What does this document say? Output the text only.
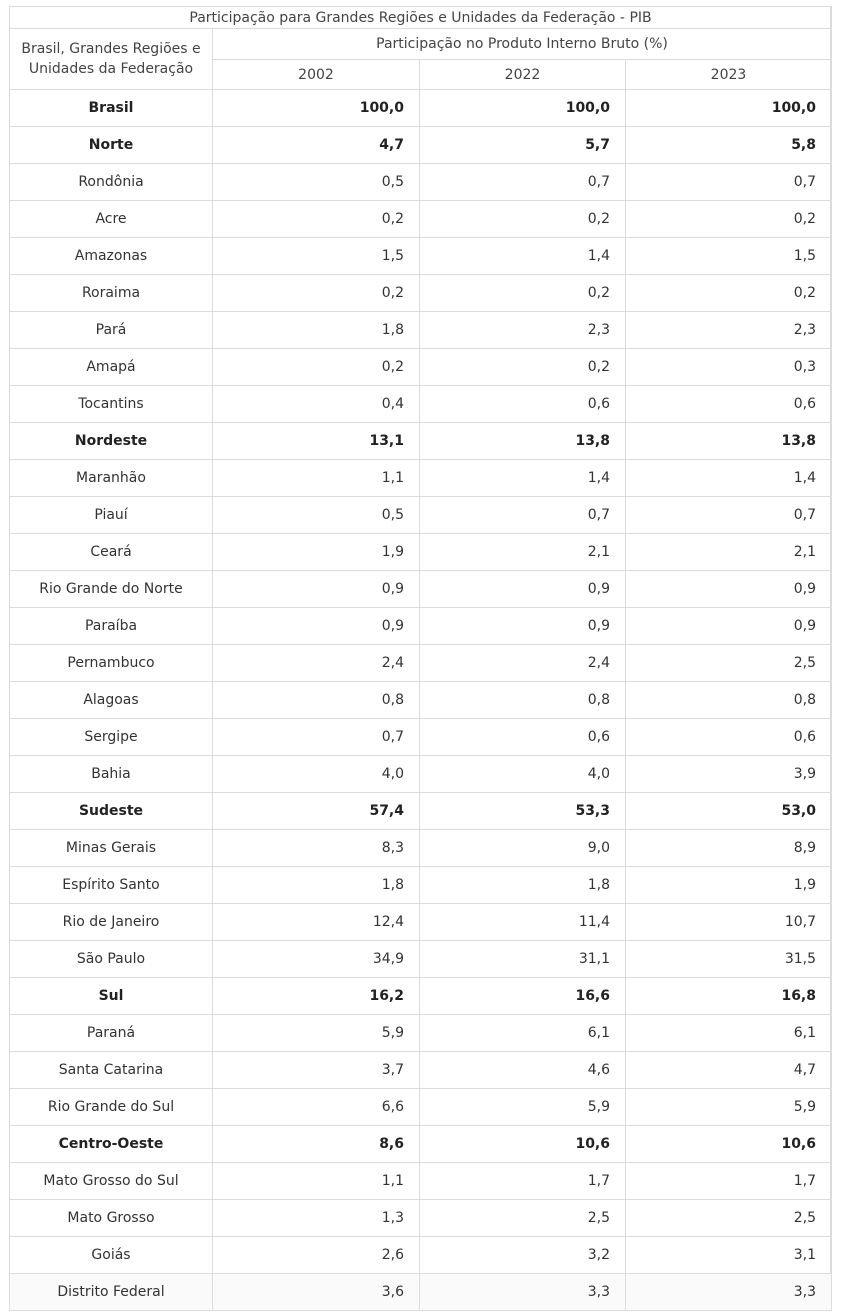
Participação para Grandes Regiões e Unidades da Federação - PIB			
Brasil, Grandes Regiões e Unidades da Federação	Participação no Produto Interno Bruto (%)		
	2002	2022	2023
Brasil	100,0	100,0	100,0
Norte	4,7	5,7	5,8
Rondônia	0,5	0,7	0,7
Acre	0,2	0,2	0,2
Amazonas	1,5	1,4	1,5
Roraima	0,2	0,2	0,2
Pará	1,8	2,3	2,3
Amapá	0,2	0,2	0,3
Tocantins	0,4	0,6	0,6
Nordeste	13,1	13,8	13,8
Maranhão	1,1	1,4	1,4
Piauí	0,5	0,7	0,7
Ceará	1,9	2,1	2,1
Rio Grande do Norte	0,9	0,9	0,9
Paraíba	0,9	0,9	0,9
Pernambuco	2,4	2,4	2,5
Alagoas	0,8	0,8	0,8
Sergipe	0,7	0,6	0,6
Bahia	4,0	4,0	3,9
Sudeste	57,4	53,3	53,0
Minas Gerais	8,3	9,0	8,9
Espírito Santo	1,8	1,8	1,9
Rio de Janeiro	12,4	11,4	10,7
São Paulo	34,9	31,1	31,5
Sul	16,2	16,6	16,8
Paraná	5,9	6,1	6,1
Santa Catarina	3,7	4,6	4,7
Rio Grande do Sul	6,6	5,9	5,9
Centro-Oeste	8,6	10,6	10,6
Mato Grosso do Sul	1,1	1,7	1,7
Mato Grosso	1,3	2,5	2,5
Goiás	2,6	3,2	3,1
Distrito Federal	3,6	3,3	3,3
